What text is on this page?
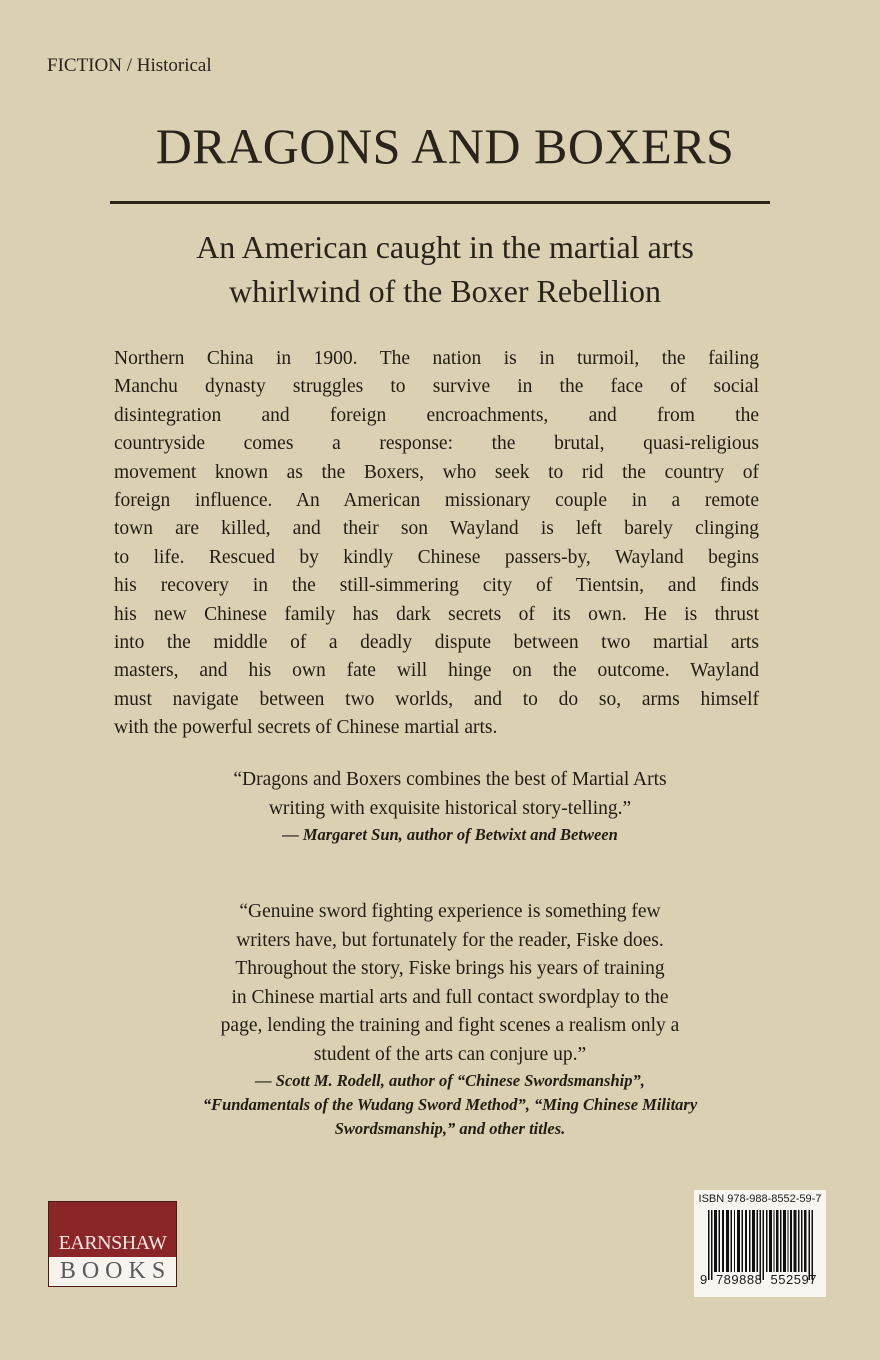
FICTION / Historical
DRAGONS AND BOXERS
An American caught in the martial arts
whirlwind of the Boxer Rebellion
Northern China in 1900. The nation is in turmoil, the failing
Manchu dynasty struggles to survive in the face of social
disintegration and foreign encroachments, and from the
countryside comes a response: the brutal, quasi-religious
movement known as the Boxers, who seek to rid the country of
foreign influence. An American missionary couple in a remote
town are killed, and their son Wayland is left barely clinging
to life. Rescued by kindly Chinese passers-by, Wayland begins
his recovery in the still-simmering city of Tientsin, and finds
his new Chinese family has dark secrets of its own. He is thrust
into the middle of a deadly dispute between two martial arts
masters, and his own fate will hinge on the outcome. Wayland
must navigate between two worlds, and to do so, arms himself
with the powerful secrets of Chinese martial arts.
“Dragons and Boxers combines the best of Martial Arts
writing with exquisite historical story-telling.”
— Margaret Sun, author of Betwixt and Between
“Genuine sword fighting experience is something few
writers have, but fortunately for the reader, Fiske does.
Throughout the story, Fiske brings his years of training
in Chinese martial arts and full contact swordplay to the
page, lending the training and fight scenes a realism only a
student of the arts can conjure up.”
— Scott M. Rodell, author of “Chinese Swordsmanship”,
“Fundamentals of the Wudang Sword Method”, “Ming Chinese Military
Swordsmanship,” and other titles.
EARNSHAW
BOOKS
ISBN 978-988-8552-59-7
9  789888  552597
